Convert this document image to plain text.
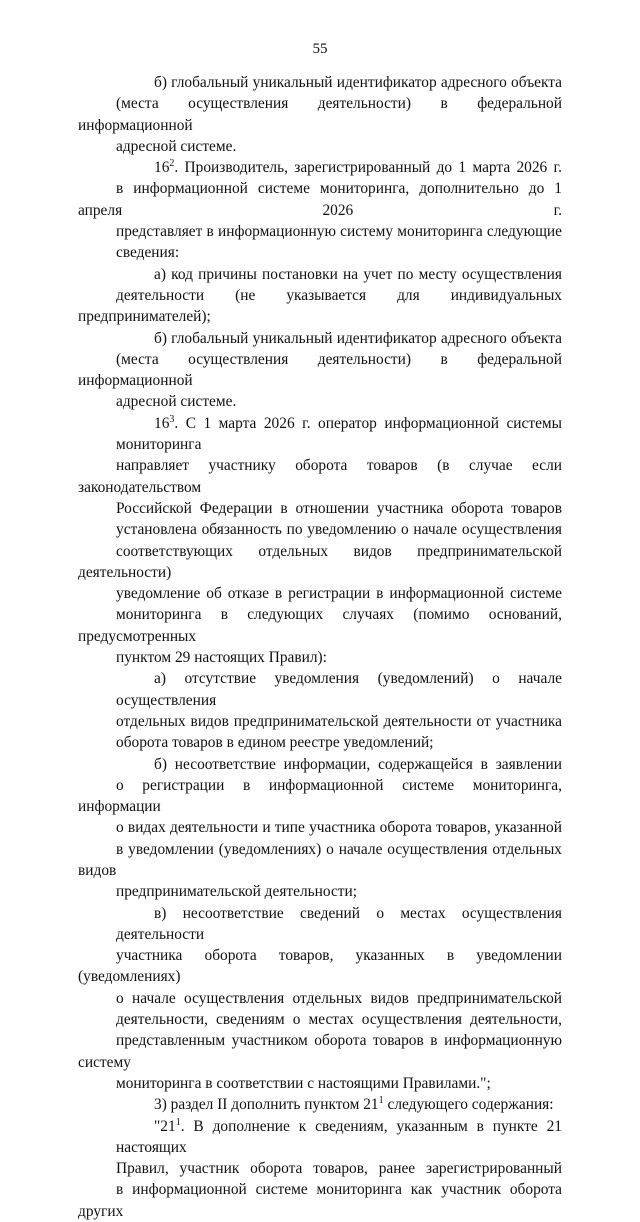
55
б) глобальный уникальный идентификатор адресного объекта
(места осуществления деятельности) в федеральной информационной
адресной системе.
$16^2$. Производитель, зарегистрированный до 1 марта 2026 г.
в информационной системе мониторинга, дополнительно до 1 апреля 2026 г.
представляет в информационную систему мониторинга следующие
сведения:
а) код причины постановки на учет по месту осуществления
деятельности (не указывается для индивидуальных предпринимателей);
б) глобальный уникальный идентификатор адресного объекта
(места осуществления деятельности) в федеральной информационной
адресной системе.
$16^3$. С 1 марта 2026 г. оператор информационной системы мониторинга
направляет участнику оборота товаров (в случае если законодательством
Российской Федерации в отношении участника оборота товаров
установлена обязанность по уведомлению о начале осуществления
соответствующих отдельных видов предпринимательской деятельности)
уведомление об отказе в регистрации в информационной системе
мониторинга в следующих случаях (помимо оснований, предусмотренных
пунктом 29 настоящих Правил):
а) отсутствие уведомления (уведомлений) о начале осуществления
отдельных видов предпринимательской деятельности от участника
оборота товаров в едином реестре уведомлений;
б) несоответствие информации, содержащейся в заявлении
о регистрации в информационной системе мониторинга, информации
о видах деятельности и типе участника оборота товаров, указанной
в уведомлении (уведомлениях) о начале осуществления отдельных видов
предпринимательской деятельности;
в) несоответствие сведений о местах осуществления деятельности
участника оборота товаров, указанных в уведомлении (уведомлениях)
о начале осуществления отдельных видов предпринимательской
деятельности, сведениям о местах осуществления деятельности,
представленным участником оборота товаров в информационную систему
мониторинга в соответствии с настоящими Правилами.";
3) раздел II дополнить пунктом $21^1$ следующего содержания:
"$21^1$. В дополнение к сведениям, указанным в пункте 21 настоящих
Правил, участник оборота товаров, ранее зарегистрированный
в информационной системе мониторинга как участник оборота других
